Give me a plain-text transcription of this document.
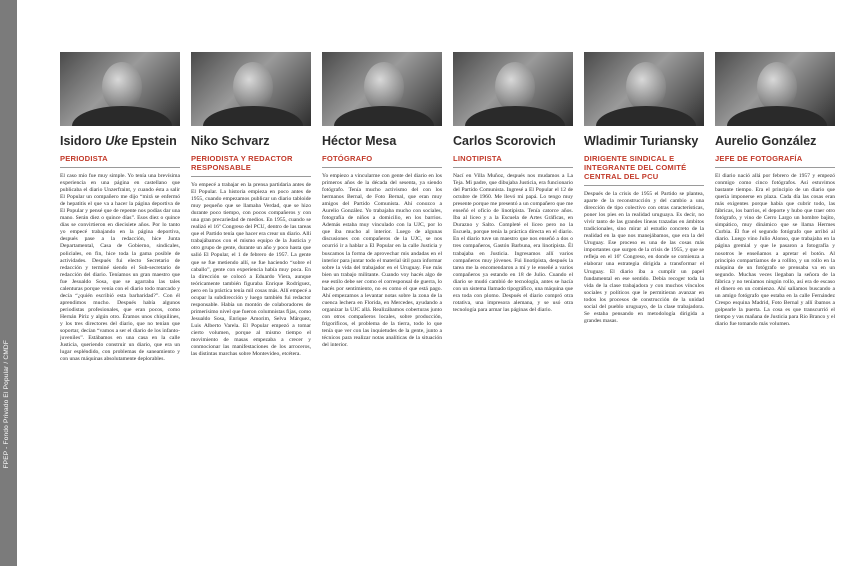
FPEP - Fondo Privado El Popular / CMDF
Isidoro Uke Epstein
PERIODISTA

El caso mío fue muy simple. Yo tenía una brevísima experiencia en una página en castellano que publicaba el diario Unzerfraint, y cuando ésta a salir El Popular un compañero me dijo “mirá se enfermó de hepatitis el que va a hacer la página deportiva de El Popular y pensé que de repente nos podías dar una mano. Serán diez o quince días”. Esos diez o quince días se convirtieron en diecisiete años. Por lo tanto yo empecé trabajando en la página deportiva, después pase a la redacción, hice Junta Departamental, Casa de Gobierno, sindicales, policiales, en fin, hice toda la gama posible de actividades. Después fui electo Secretario de redacción y terminé siendo el Sub-secretario de redacción del diario. Teníamos un gran maestro que fue Jesualdo Sosa, que se agarraba las tales calenturas porque venía con el diario todo marcado y decía “¿quién escribió esta barbaridad?”. Con él aprendimos mucho. Después había algunos periodistas profesionales, que eran pocos, como Hernán Píriz y algún otro. Éramos unos chiquilines, y los tres directores del diario, que no tenían que soportar, decían “vamos a ser el diario de los infanto-juveniles”. Estábamos en una casa en la calle Justicia, queriendo construir un diario, que era un lugar espléndido, con problemas de saneamiento y con unas máquinas absolutamente deplorables.

Niko Schvarz
PERIODISTA Y REDACTOR RESPONSABLE

Yo empecé a trabajar en la prensa partidaria antes de El Popular. La historia empieza en poco antes de 1955, cuando empezamos publicar un diario tabloide muy pequeño que se llamaba Verdad, que se hizo durante poco tiempo, con pocos compañeros y con una gran precariedad de medios. En 1955, cuando se realizó el 16º Congreso del PCU, dentro de las tareas que el Partido tenía que hacer era crear un diario. Allí trabajábamos con el mismo equipo de la Justicia y otro grupo de gente, durante un año y poco hasta que salió El Popular, el 1 de febrero de 1957. La gente que se fue metiendo allí, se fue haciendo “sobre el caballo”, gente con experiencia había muy poca. En la dirección se colocó a Eduardo Viera, aunque teóricamente también figuraba Enrique Rodríguez, pero en la práctica tenía mil cosas más. Allí empecé a ocupar la subdirección y luego también fui redactor responsable. Había un montón de colaboradores de primerísimo nivel que fueron columnistas fijas, como Jesualdo Sosa, Enrique Amorim, Selva Márquez, Luis Alberto Varela. El Popular empezó a tomar cierto volumen, porque al mismo tiempo el movimiento de masas empezaba a crecer y conmocionar las manifestaciones de los arroceros, las distintas marchas sobre Montevideo, etcétera.

Héctor Mesa
FOTÓGRAFO

Yo empiezo a vincularme con gente del diario en los primeros años de la década del sesenta, ya siendo fotógrafo. Tenía mucho activismo del con los hermanos Bernal, de Foto Bernal, que eran muy amigos del Partido Comunista. Ahí conozco a Aurelio González. Yo trabajaba mucho con sociales, fotografía de niños a domicilio, en los barrios. Además estaba muy vinculado con la UJC, por lo que iba mucho al interior. Luego de algunas discusiones con compañeros de la UJC, se nos ocurrió ir a hablar a El Popular en la calle Justicia y buscamos la forma de aprovechar mis andadas en el interior para juntar todo el material útil para informar sobre la vida del trabajador en el Uruguay. Fue más bien un trabajo militante. Cuando voy hacés algo de ese estilo debe ser como el corresponsal de guerra, lo hacés por sentimiento, no es como el que está pago. Ahí empezamos a levantar notas sobre la zona de la cuenca lechera en Florida, en Mercedes, ayudando a organizar la UJC allá. Realizábamos coberturas junto con otros compañeros locales, sobre producción, frigoríficos, el problema de la tierra, todo lo que tenía que ver con las inquietudes de la gente, junto a técnicos para realizar notas analíticas de la situación del interior.

Carlos Scorovich
LINOTIPISTA

Nací en Villa Muñoz, después nos mudamos a La Teja. Mi padre, que dibujaba Justicia, era funcionario del Partido Comunista. Ingresé a El Popular el 12 de octubre de 1960. Me llevó mi papá. Lo tengo muy presente porque me presentó a un compañero que me enseñó el oficio de linotipista. Tenía catorce años. Iba al liceo y a la Escuela de Artes Gráficas, en Durazno y Salto. Completé el liceo pero no la Escuela, porque tenía la práctica directa en el diario. En el diario tuve un maestro que nos enseñó a dos o tres compañeros, Gastón Barbuna, era linotipista. Él trabajaba en Justicia. Ingresamos allí varios compañeros muy jóvenes. Fui linotipista, después la tarea me la encomendaron a mí y le enseñé a varios compañeros ya estando en 18 de Julio. Cuando el diario se mudó cambió de tecnología, antes se hacía con un sistema llamado tipográfico, una máquina que era toda con plomo. Después el diario compró otra rotativa, una impresora alemana, y se usó otra tecnología para armar las páginas del diario.

Wladimir Turiansky
DIRIGENTE SINDICAL E INTEGRANTE DEL COMITÉ CENTRAL DEL PCU

Después de la crisis de 1955 el Partido se plantea, aparte de la reconstrucción y del cambio a una dirección de tipo colectivo con otras características, poner los pies en la realidad uruguaya. Es decir, no vivir tanto de las grandes líneas trazadas en ámbitos tradicionales, sino mirar al estudio concreto de la realidad en la que nos manejábamos, que era la del Uruguay. Ese proceso es una de las cosas más importantes que surgen de la crisis de 1955, y que se refleja en el 16º Congreso, en donde se comienza a elaborar una estrategia dirigida a transformar el Uruguay. El diario iba a cumplir un papel fundamental en ese sentido. Debía recoger toda la vida de la clase trabajadora y con muchos vínculos sociales y políticos que le permitieran avanzar en todos los procesos de construcción de la unidad social del pueblo uruguayo, de la clase trabajadora. Se estaba pensando en metodología dirigida a grandes masas.

Aurelio González
JEFE DE FOTOGRAFÍA

El diario nació allá por febrero de 1957 y empezó conmigo como cinco fotógrafos. Así estuvimos bastante tiempo. Era el principio de un diario que quería imponerse en plaza. Cada día las cosas eran más exigentes porque había que cubrir todo, las fábricas, los barrios, el deporte y hubo que traer otro fotógrafo, y vino de Cerro Largo un hombre bajito, simpático, muy dinámico que se llama Hermes Curbia. Él fue el segundo fotógrafo que arribó al diario. Luego vino Julio Alonso, que trabajaba en la página gremial y que le pasaron a fotografía y nosotros le enseñamos a apretar el botón. Al principio compartíamos de a rollito, y un rollo en la máquina de un fotógrafo se prensaba va en un segundo. Muchas veces llegaban la señora de la fábrica y no teníamos ningún rollo, así era de escaso el dinero en un comienzo. Ahí salíamos buscando a un amigo fotógrafo que estaba en la calle Fernández Crespo esquina Madrid, Foto Bernal y allí íbamos a golpearle la puerta. La cosa es que transcurrió el tiempo y vas mañana de Justicia para Rio Branco y el diario fue tomando más volumen.
